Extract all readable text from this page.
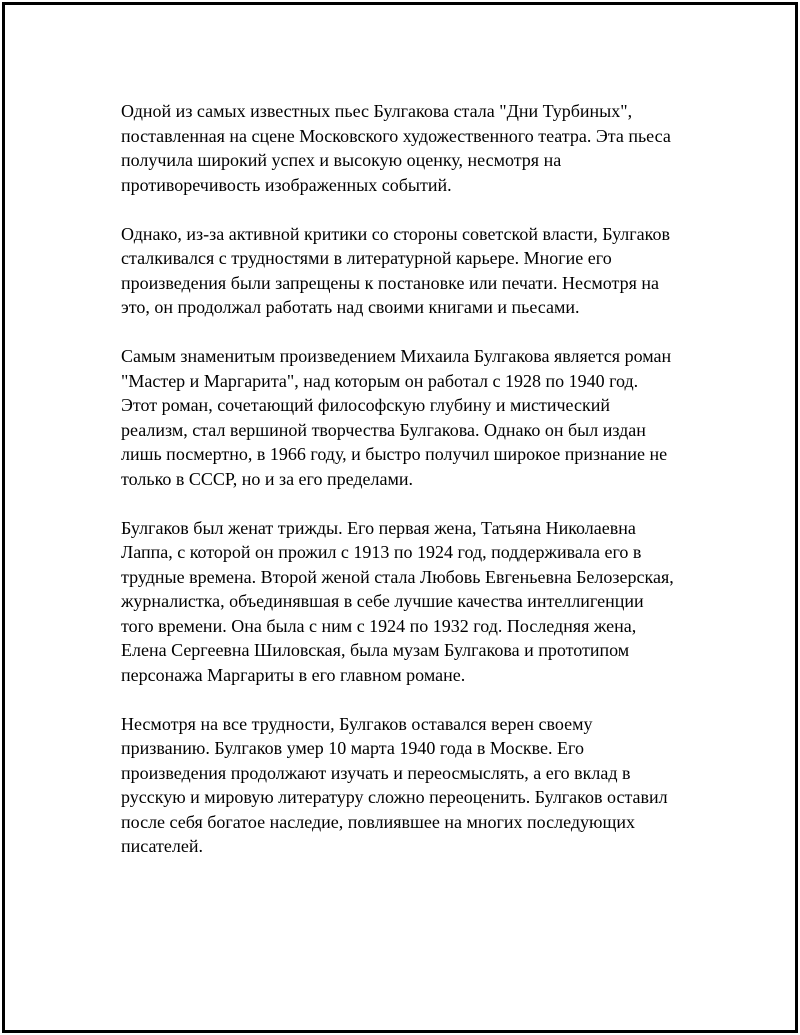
Одной из самых известных пьес Булгакова стала "Дни Турбиных",
поставленная на сцене Московского художественного театра. Эта пьеса
получила широкий успех и высокую оценку, несмотря на
противоречивость изображенных событий.

Однако, из-за активной критики со стороны советской власти, Булгаков
сталкивался с трудностями в литературной карьере. Многие его
произведения были запрещены к постановке или печати. Несмотря на
это, он продолжал работать над своими книгами и пьесами.

Самым знаменитым произведением Михаила Булгакова является роман
"Мастер и Маргарита", над которым он работал с 1928 по 1940 год.
Этот роман, сочетающий философскую глубину и мистический
реализм, стал вершиной творчества Булгакова. Однако он был издан
лишь посмертно, в 1966 году, и быстро получил широкое признание не
только в СССР, но и за его пределами.

Булгаков был женат трижды. Его первая жена, Татьяна Николаевна
Лаппа, с которой он прожил с 1913 по 1924 год, поддерживала его в
трудные времена. Второй женой стала Любовь Евгеньевна Белозерская,
журналистка, объединявшая в себе лучшие качества интеллигенции
того времени. Она была с ним с 1924 по 1932 год. Последняя жена,
Елена Сергеевна Шиловская, была музам Булгакова и прототипом
персонажа Маргариты в его главном романе.

Несмотря на все трудности, Булгаков оставался верен своему
призванию. Булгаков умер 10 марта 1940 года в Москве. Его
произведения продолжают изучать и переосмыслять, а его вклад в
русскую и мировую литературу сложно переоценить. Булгаков оставил
после себя богатое наследие, повлиявшее на многих последующих
писателей.
